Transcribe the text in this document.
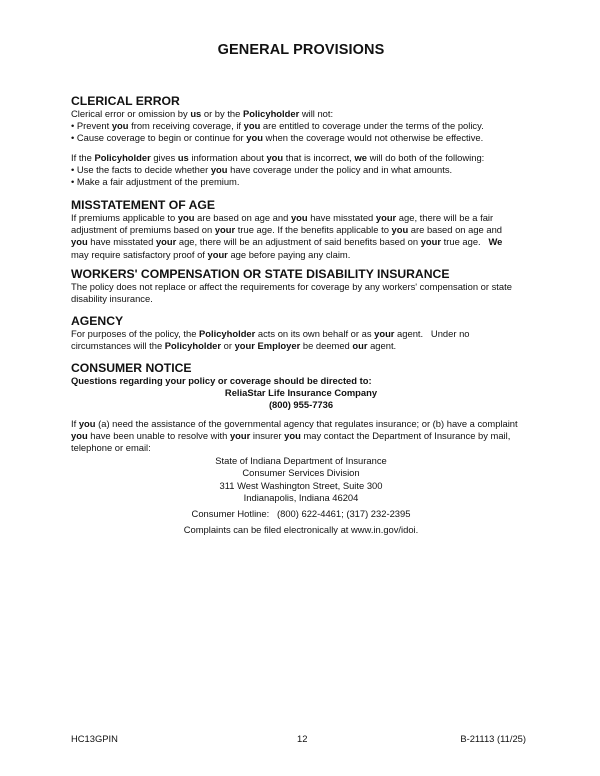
GENERAL PROVISIONS

CLERICAL ERROR

Clerical error or omission by us or by the Policyholder will not:

• Prevent you from receiving coverage, if you are entitled to coverage under the terms of the policy.

• Cause coverage to begin or continue for you when the coverage would not otherwise be effective.

If the Policyholder gives us information about you that is incorrect, we will do both of the following:

• Use the facts to decide whether you have coverage under the policy and in what amounts.

• Make a fair adjustment of the premium.

MISSTATEMENT OF AGE

If premiums applicable to you are based on age and you have misstated your age, there will be a fair
adjustment of premiums based on your true age. If the benefits applicable to you are based on age and
you have misstated your age, there will be an adjustment of said benefits based on your true age.   We
may require satisfactory proof of your age before paying any claim.

WORKERS' COMPENSATION OR STATE DISABILITY INSURANCE

The policy does not replace or affect the requirements for coverage by any workers' compensation or state
disability insurance.

AGENCY

For purposes of the policy, the Policyholder acts on its own behalf or as your agent.   Under no
circumstances will the Policyholder or your Employer be deemed our agent.

CONSUMER NOTICE

Questions regarding your policy or coverage should be directed to:

ReliaStar Life Insurance Company

(800) 955-7736

If you (a) need the assistance of the governmental agency that regulates insurance; or (b) have a complaint
you have been unable to resolve with your insurer you may contact the Department of Insurance by mail,
telephone or email:

State of Indiana Department of Insurance

Consumer Services Division

311 West Washington Street, Suite 300

Indianapolis, Indiana 46204

Consumer Hotline:   (800) 622-4461; (317) 232-2395

Complaints can be filed electronically at www.in.gov/idoi.

HC13GPIN	12	B-21113 (11/25)
